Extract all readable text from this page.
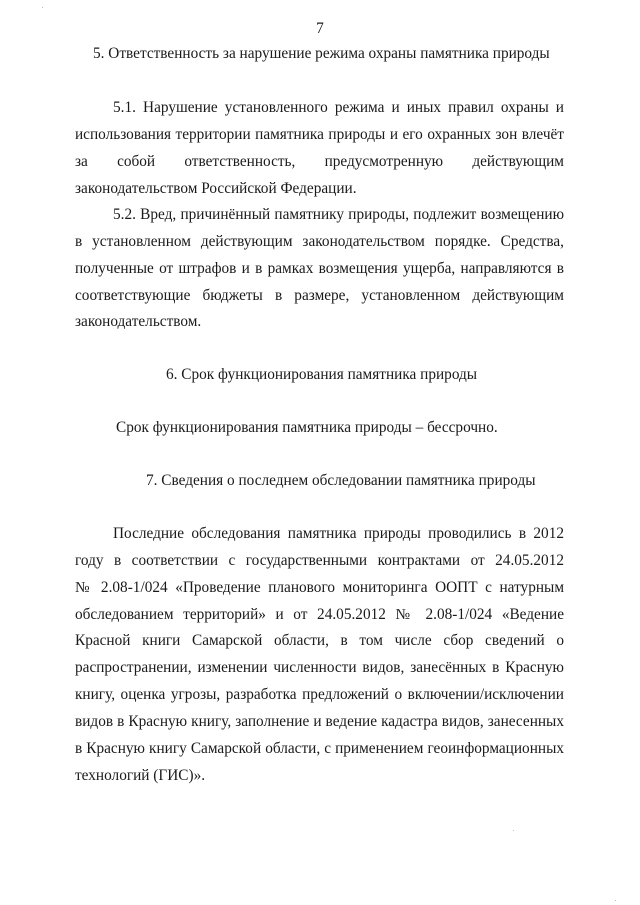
7

5. Ответственность за нарушение режима охраны памятника природы

5.1. Нарушение установленного режима и иных правил охраны и
использования территории памятника природы и его охранных зон влечёт
за собой ответственность, предусмотренную действующим

законодательством Российской Федерации.

5.2. Вред, причинённый памятнику природы, подлежит возмещению
в установленном действующим законодательством порядке. Средства,
полученные от штрафов и в рамках возмещения ущерба, направляются в
соответствующие бюджеты в размере, установленном действующим

законодательством.

6. Срок функционирования памятника природы

Срок функционирования памятника природы – бессрочно.

7. Сведения о последнем обследовании памятника природы

Последние обследования памятника природы проводились в 2012
году в соответствии с государственными контрактами от 24.05.2012
№ 2.08-1/024 «Проведение планового мониторинга ООПТ с натурным
обследованием территорий» и от 24.05.2012 № 2.08-1/024 «Ведение
Красной книги Самарской области, в том числе сбор сведений о
распространении, изменении численности видов, занесённых в Красную
книгу, оценка угрозы, разработка предложений о включении/исключении
видов в Красную книгу, заполнение и ведение кадастра видов, занесенных
в Красную книгу Самарской области, с применением геоинформационных

технологий (ГИС)».
